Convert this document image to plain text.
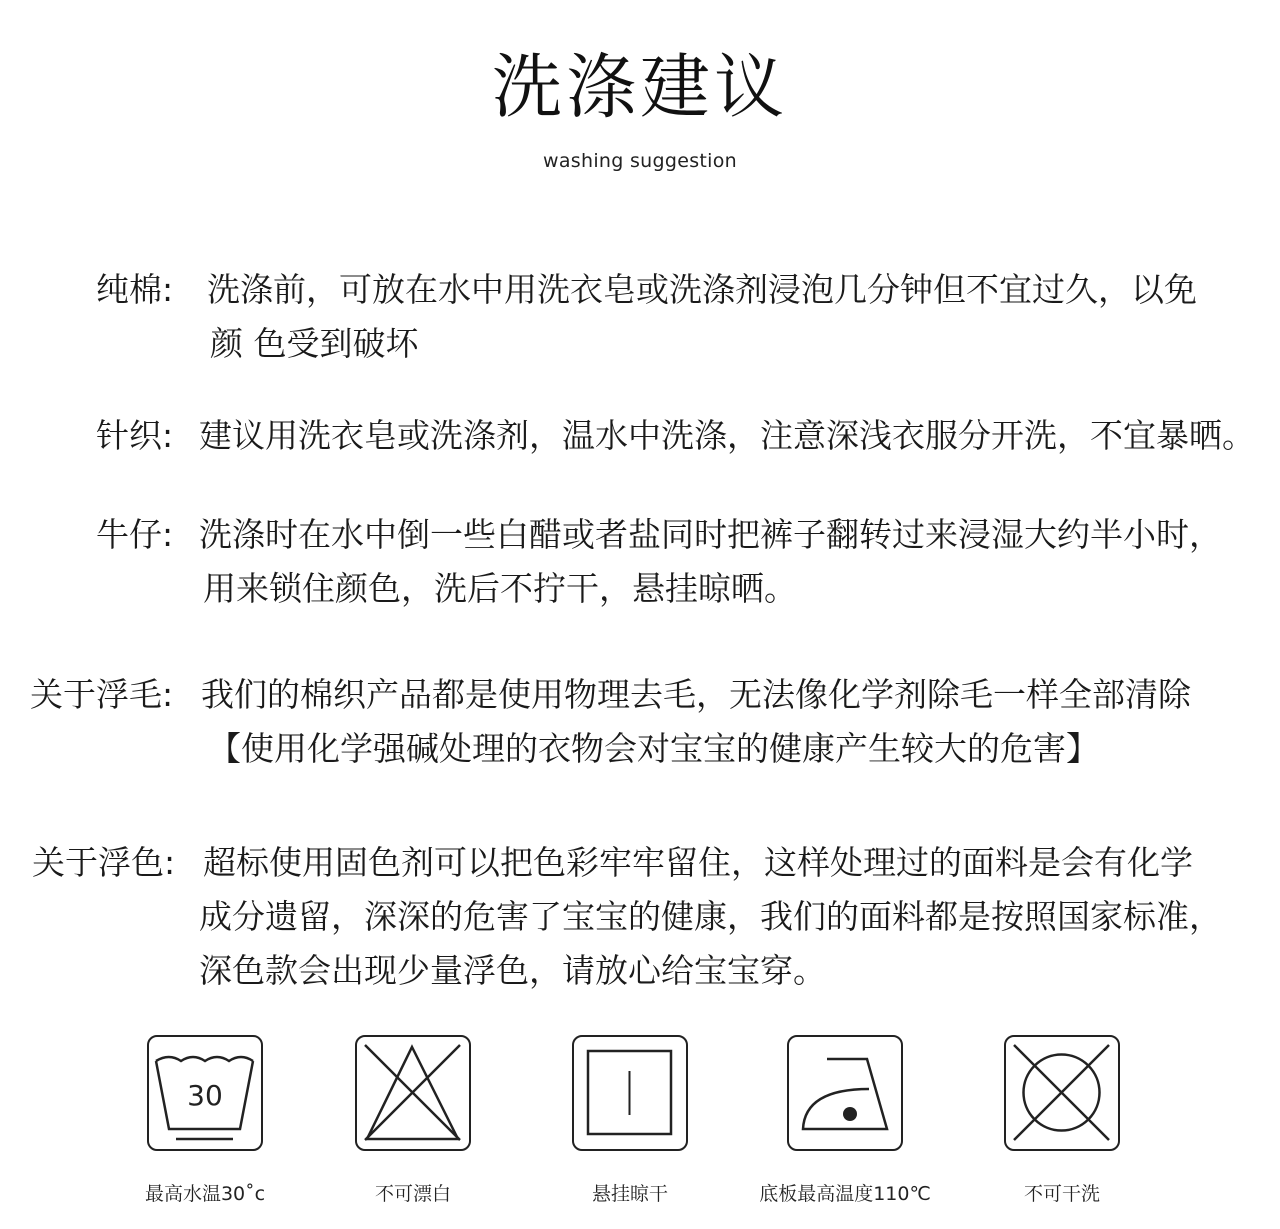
洗涤建议
washing suggestion
纯棉: 洗涤前，可放在水中用洗衣皂或洗涤剂浸泡几分钟但不宜过久，以免
颜 色受到破坏
针织: 建议用洗衣皂或洗涤剂，温水中洗涤，注意深浅衣服分开洗，不宜暴晒。
牛仔: 洗涤时在水中倒一些白醋或者盐同时把裤子翻转过来浸湿大约半小时，
用来锁住颜色，洗后不拧干，悬挂晾晒。
关于浮毛: 我们的棉织产品都是使用物理去毛，无法像化学剂除毛一样全部清除
【使用化学强碱处理的衣物会对宝宝的健康产生较大的危害】
关于浮色: 超标使用固色剂可以把色彩牢牢留住，这样处理过的面料是会有化学
成分遗留，深深的危害了宝宝的健康，我们的面料都是按照国家标准，
深色款会出现少量浮色，请放心给宝宝穿。
30
最高水温30˚c	不可漂白	悬挂晾干	底板最高温度110℃	不可干洗
